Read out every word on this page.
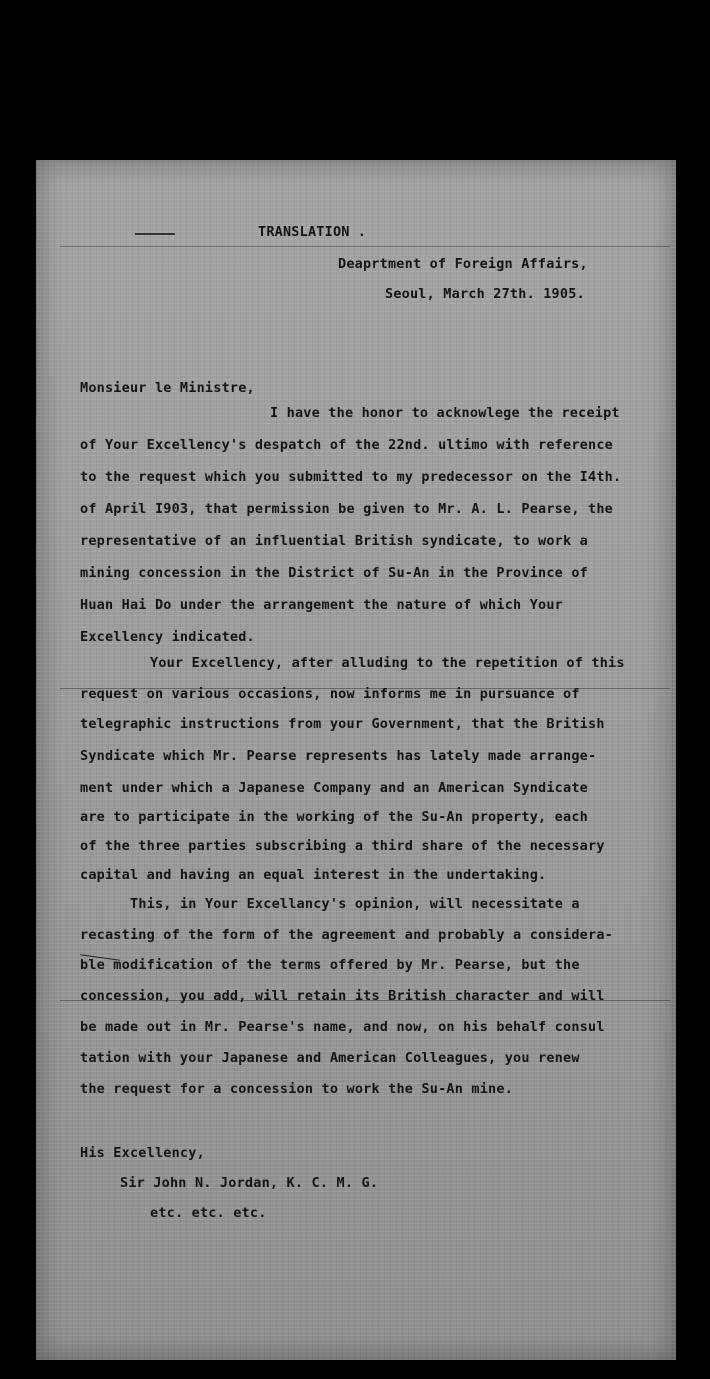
TRANSLATION .
Deaprtment of Foreign Affairs,
Seoul, March 27th. 1905.
Monsieur le Ministre,
I have the honor to acknowlege the receipt
of Your Excellency's despatch of the 22nd. ultimo with reference
to the request which you submitted to my predecessor on the I4th.
of April I903, that permission be given to Mr. A. L. Pearse, the
representative of an influential British syndicate, to work a
mining concession in the District of Su-An in the Province of
Huan Hai Do under the arrangement the nature of which Your
Excellency indicated.
Your Excellency, after alluding to the repetition of this
request on various occasions, now informs me in pursuance of
telegraphic instructions from your Government, that the British
Syndicate which Mr. Pearse represents has lately made arrange-
ment under which a Japanese Company and an American Syndicate
are to participate in the working of the Su-An property, each
of the three parties subscribing a third share of the necessary
capital and having an equal interest in the undertaking.
This, in Your Excellancy's opinion, will necessitate a
recasting of the form of the agreement and probably a considera-
ble modification of the terms offered by Mr. Pearse, but the
concession, you add, will retain its British character and will
be made out in Mr. Pearse's name, and now, on his behalf consul
tation with your Japanese and American Colleagues, you renew
the request for a concession to work the Su-An mine.
His Excellency,
Sir John N. Jordan, K. C. M. G.
etc. etc. etc.
